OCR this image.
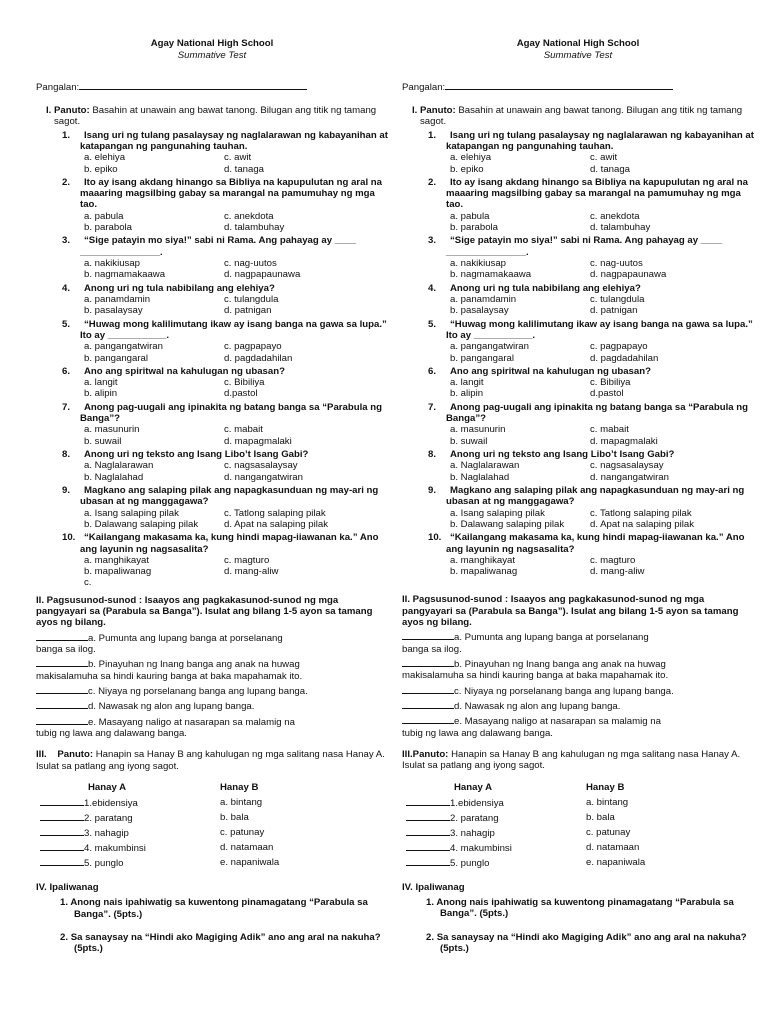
Agay National High School
Summative Test
Pangalan:
I. Panuto: Basahin at unawain ang bawat tanong. Bilugan ang titik ng tamang sagot.
1. Isang uri ng tulang pasalaysay ng naglalarawan ng kabayanihan at katapangan ng pangunahing tauhan.
a. elehiya	c. awit
b. epiko	d. tanaga
2. Ito ay isang akdang hinango sa Bibliya na kapupulutan ng aral na maaaring magsilbing gabay sa marangal na pamumuhay ng mga tao.
a. pabula	c. anekdota
b. parabola	d. talambuhay
3. “Sige patayin mo siya!” sabi ni Rama. Ang pahayag ay ____ _______________.
a. nakikiusap	c. nag-uutos
b. nagmamakaawa	d. nagpapaunawa
4. Anong uri ng tula nabibilang ang elehiya?
a. panamdamin	c. tulangdula
b. pasalaysay	d. patnigan
5. “Huwag mong kalilimutang ikaw ay isang banga na gawa sa lupa.” Ito ay ___________.
a. pangangatwiran	c. pagpapayo
b. pangangaral	d. pagdadahilan
6. Ano ang spiritwal na kahulugan ng ubasan?
a. langit	c. Bibiliya
b. alipin	d.pastol
7. Anong pag-uugali ang ipinakita ng batang banga sa “Parabula ng Banga”?
a. masunurin	c. mabait
b. suwail	d. mapagmalaki
8. Anong uri ng teksto ang Isang Libo’t Isang Gabi?
a. Naglalarawan	c. nagsasalaysay
b. Naglalahad	d. nangangatwiran
9. Magkano ang salaping pilak ang napagkasunduan ng may-ari ng ubasan at ng manggagawa?
a. Isang salaping pilak	c. Tatlong salaping pilak
b. Dalawang salaping pilak	d. Apat na salaping pilak
10. “Kailangang makasama ka, kung hindi mapag-iiawanan ka.” Ano ang layunin ng nagsasalita?
a. manghikayat	c. magturo
b. mapaliwanag	d. mang-aliw
c.
II. Pagsusunod-sunod : Isaayos ang pagkakasunod-sunod ng mga pangyayari sa (Parabula sa Banga”). Isulat ang bilang 1-5 ayon sa tamang ayos ng bilang.
a. Pumunta ang lupang banga at porselanang
banga sa ilog.
b. Pinayuhan ng Inang banga ang anak na huwag
makisalamuha sa hindi kauring banga at baka mapahamak ito.
c. Niyaya ng porselanang banga ang lupang banga.
d. Nawasak ng alon ang lupang banga.
e. Masayang naligo at nasarapan sa malamig na
tubig ng lawa ang dalawang banga.
III. Panuto: Hanapin sa Hanay B ang kahulugan ng mga salitang nasa Hanay A. Isulat sa patlang ang iyong sagot.
Hanay A	Hanay B
1.ebidensiya	a. bintang
2. paratang	b. bala
3. nahagip	c. patunay
4. makumbinsi	d. natamaan
5. punglo	e. napaniwala
IV. Ipaliwanag
1. Anong nais ipahiwatig sa kuwentong pinamagatang “Parabula sa Banga”. (5pts.)
2. Sa sanaysay na “Hindi ako Magiging Adik” ano ang aral na nakuha? (5pts.)
Agay National High School
Summative Test
Pangalan:
I. Panuto: Basahin at unawain ang bawat tanong. Bilugan ang titik ng tamang sagot.
1. Isang uri ng tulang pasalaysay ng naglalarawan ng kabayanihan at katapangan ng pangunahing tauhan.
a. elehiya	c. awit
b. epiko	d. tanaga
2. Ito ay isang akdang hinango sa Bibliya na kapupulutan ng aral na maaaring magsilbing gabay sa marangal na pamumuhay ng mga tao.
a. pabula	c. anekdota
b. parabola	d. talambuhay
3. “Sige patayin mo siya!” sabi ni Rama. Ang pahayag ay ____ _______________.
a. nakikiusap	c. nag-uutos
b. nagmamakaawa	d. nagpapaunawa
4. Anong uri ng tula nabibilang ang elehiya?
a. panamdamin	c. tulangdula
b. pasalaysay	d. patnigan
5. “Huwag mong kalilimutang ikaw ay isang banga na gawa sa lupa.” Ito ay ___________.
a. pangangatwiran	c. pagpapayo
b. pangangaral	d. pagdadahilan
6. Ano ang spiritwal na kahulugan ng ubasan?
a. langit	c. Bibiliya
b. alipin	d.pastol
7. Anong pag-uugali ang ipinakita ng batang banga sa “Parabula ng Banga”?
a. masunurin	c. mabait
b. suwail	d. mapagmalaki
8. Anong uri ng teksto ang Isang Libo’t Isang Gabi?
a. Naglalarawan	c. nagsasalaysay
b. Naglalahad	d. nangangatwiran
9. Magkano ang salaping pilak ang napagkasunduan ng may-ari ng ubasan at ng manggagawa?
a. Isang salaping pilak	c. Tatlong salaping pilak
b. Dalawang salaping pilak	d. Apat na salaping pilak
10. “Kailangang makasama ka, kung hindi mapag-iiawanan ka.” Ano ang layunin ng nagsasalita?
a. manghikayat	c. magturo
b. mapaliwanag	d. mang-aliw
II. Pagsusunod-sunod : Isaayos ang pagkakasunod-sunod ng mga pangyayari sa (Parabula sa Banga”). Isulat ang bilang 1-5 ayon sa tamang ayos ng bilang.
a. Pumunta ang lupang banga at porselanang
banga sa ilog.
b. Pinayuhan ng Inang banga ang anak na huwag
makisalamuha sa hindi kauring banga at baka mapahamak ito.
c. Niyaya ng porselanang banga ang lupang banga.
d. Nawasak ng alon ang lupang banga.
e. Masayang naligo at nasarapan sa malamig na
tubig ng lawa ang dalawang banga.
III.Panuto: Hanapin sa Hanay B ang kahulugan ng mga salitang nasa Hanay A. Isulat sa patlang ang iyong sagot.
Hanay A	Hanay B
1.ebidensiya	a. bintang
2. paratang	b. bala
3. nahagip	c. patunay
4. makumbinsi	d. natamaan
5. punglo	e. napaniwala
IV. Ipaliwanag
1. Anong nais ipahiwatig sa kuwentong pinamagatang “Parabula sa Banga”. (5pts.)
2. Sa sanaysay na “Hindi ako Magiging Adik” ano ang aral na nakuha? (5pts.)
